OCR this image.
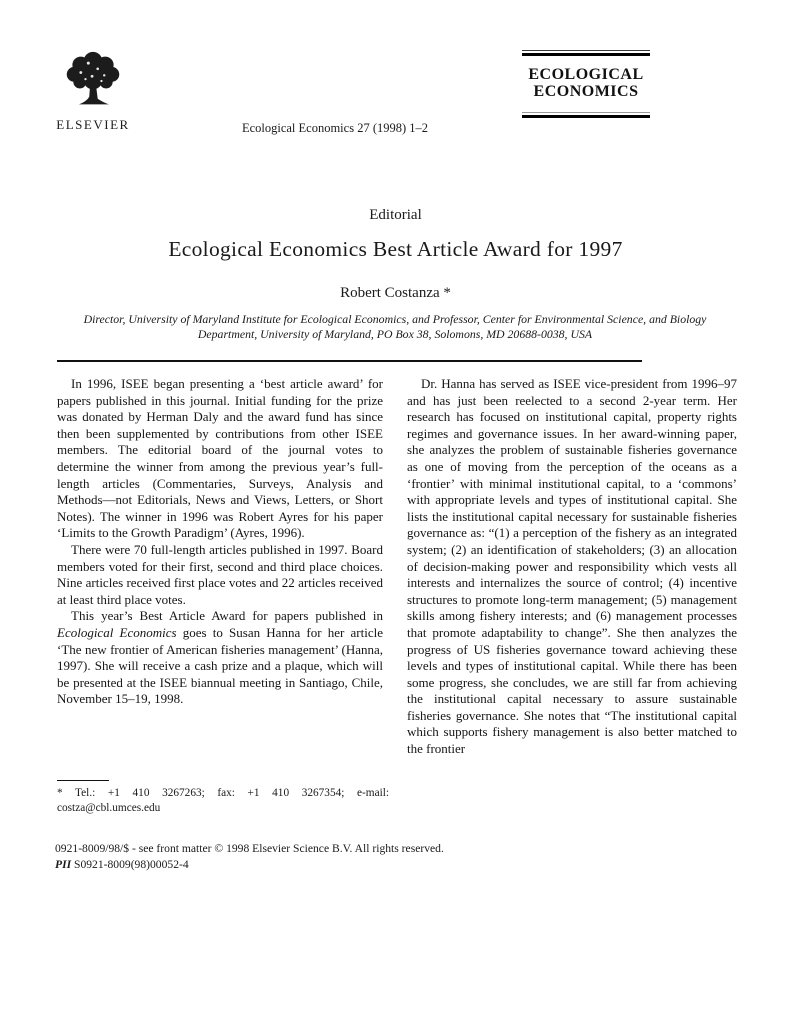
ELSEVIER	Ecological Economics 27 (1998) 1–2
ECOLOGICAL
ECONOMICS
Editorial
Ecological Economics Best Article Award for 1997
Robert Costanza *
Director, University of Maryland Institute for Ecological Economics, and Professor, Center for Environmental Science, and Biology Department, University of Maryland, PO Box 38, Solomons, MD 20688-0038, USA

In 1996, ISEE began presenting a ‘best article award’ for papers published in this journal. Initial funding for the prize was donated by Herman Daly and the award fund has since then been supplemented by contributions from other ISEE members. The editorial board of the journal votes to determine the winner from among the previous year’s full-length articles (Commentaries, Surveys, Analysis and Methods—not Editorials, News and Views, Letters, or Short Notes). The winner in 1996 was Robert Ayres for his paper ‘Limits to the Growth Paradigm’ (Ayres, 1996).

There were 70 full-length articles published in 1997. Board members voted for their first, second and third place choices. Nine articles received first place votes and 22 articles received at least third place votes.

This year’s Best Article Award for papers published in Ecological Economics goes to Susan Hanna for her article ‘The new frontier of American fisheries management’ (Hanna, 1997). She will receive a cash prize and a plaque, which will be presented at the ISEE biannual meeting in Santiago, Chile, November 15–19, 1998.

Dr. Hanna has served as ISEE vice-president from 1996–97 and has just been reelected to a second 2-year term. Her research has focused on institutional capital, property rights regimes and governance issues. In her award-winning paper, she analyzes the problem of sustainable fisheries governance as one of moving from the perception of the oceans as a ‘frontier’ with minimal institutional capital, to a ‘commons’ with appropriate levels and types of institutional capital. She lists the institutional capital necessary for sustainable fisheries governance as: “(1) a perception of the fishery as an integrated system; (2) an identification of stakeholders; (3) an allocation of decision-making power and responsibility which vests all interests and internalizes the source of control; (4) incentive structures to promote long-term management; (5) management skills among fishery interests; and (6) management processes that promote adaptability to change”. She then analyzes the progress of US fisheries governance toward achieving these levels and types of institutional capital. While there has been some progress, she concludes, we are still far from achieving the institutional capital necessary to assure sustainable fisheries governance. She notes that “The institutional capital which supports fishery management is also better matched to the frontier

* Tel.: +1 410 3267263; fax: +1 410 3267354; e-mail: costza@cbl.umces.edu
0921-8009/98/$ - see front matter © 1998 Elsevier Science B.V. All rights reserved.
PII S0921-8009(98)00052-4
